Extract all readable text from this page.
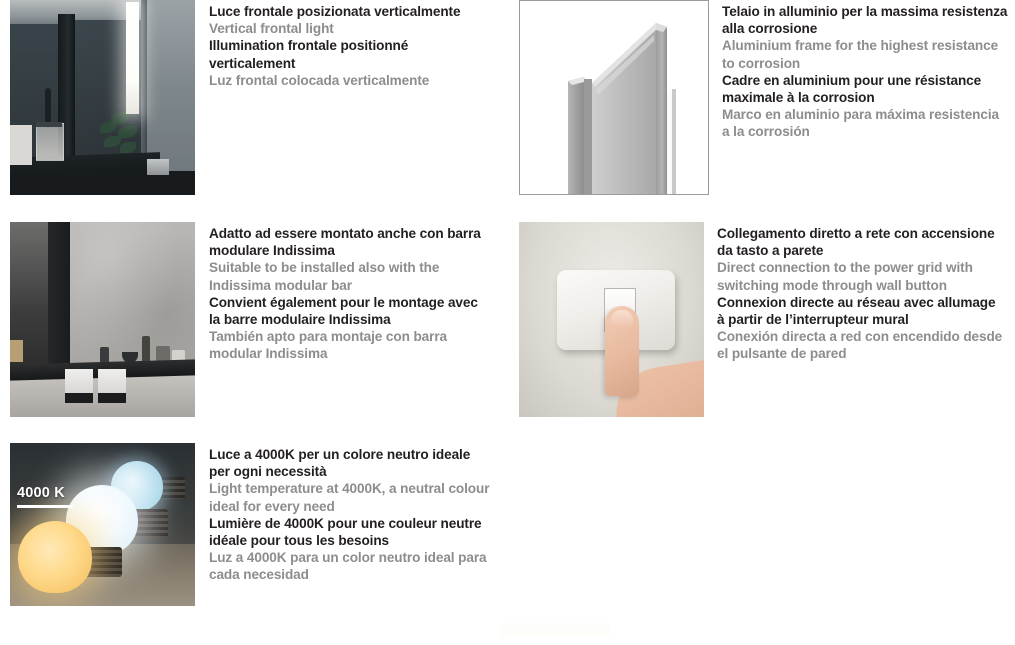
Luce frontale posizionata verticalmente

Vertical frontal light

Illumination frontale positionné verticalement

Luz frontal colocada verticalmente

Telaio in alluminio per la massima resistenza alla corrosione

Aluminium frame for the highest resistance to corrosion

Cadre en aluminium pour une résistance maximale à la corrosion

Marco en aluminio para máxima resistencia a la corrosión

Adatto ad essere montato anche con barra modulare Indissima

Suitable to be installed also with the Indissima modular bar

Convient également pour le montage avec la barre modulaire Indissima

También apto para montaje con barra modular Indissima

Collegamento diretto a rete con accensione da tasto a parete

Direct connection to the power grid with switching mode through wall button

Connexion directe au réseau avec allumage à partir de l’interrupteur mural

Conexión directa a red con encendido desde el pulsante de pared

4000 K

Luce a 4000K per un colore neutro ideale per ogni necessità

Light temperature at 4000K, a neutral colour ideal for every need

Lumière de 4000K pour une couleur neutre idéale pour tous les besoins

Luz a 4000K para un color neutro ideal para cada necesidad
